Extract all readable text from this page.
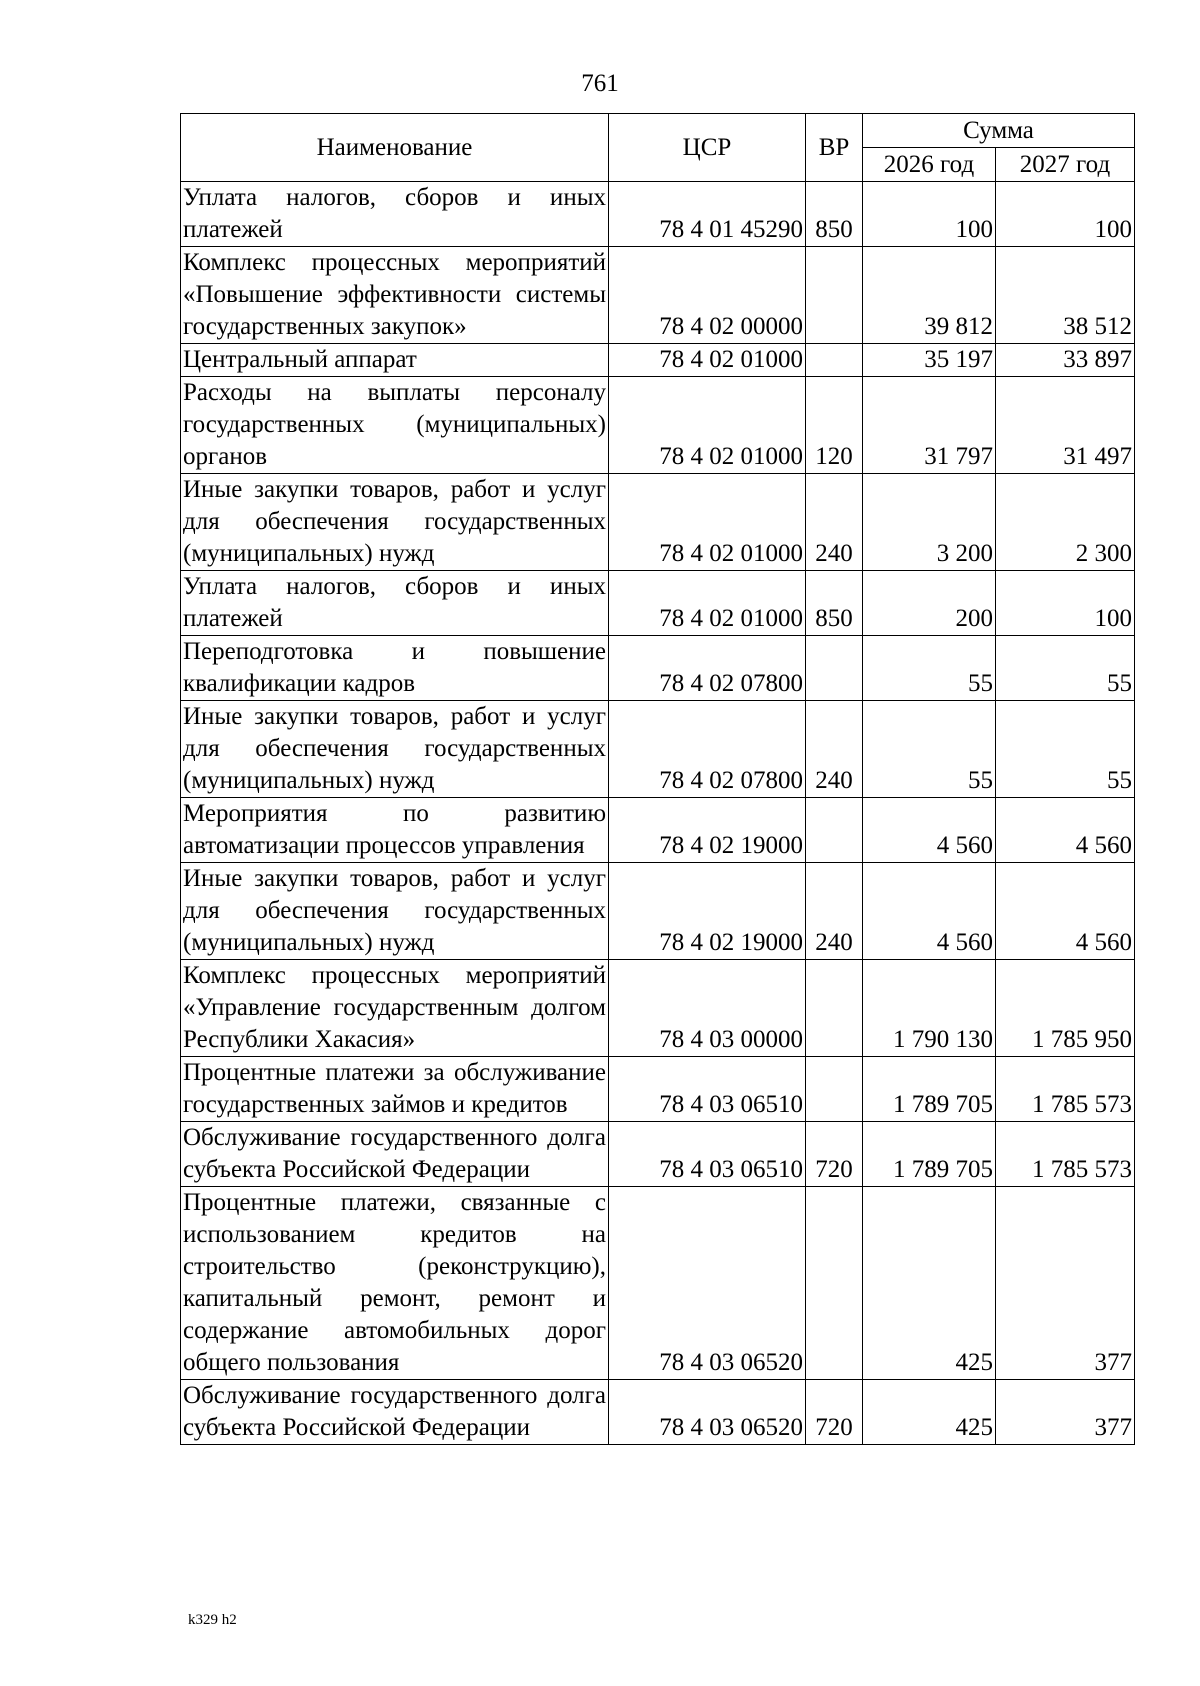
761
Наименование	ЦСР	ВР	Сумма	
			2026 год	2027 год
Уплата налогов, сборов и иных платежей	78 4 01 45290	850	100	100
Комплекс процессных мероприятий «Повышение эффективности системы государственных закупок»	78 4 02 00000		39 812	38 512
Центральный аппарат	78 4 02 01000		35 197	33 897
Расходы на выплаты персоналу государственных (муниципальных) органов	78 4 02 01000	120	31 797	31 497
Иные закупки товаров, работ и услуг для обеспечения государственных (муниципальных) нужд	78 4 02 01000	240	3 200	2 300
Уплата налогов, сборов и иных платежей	78 4 02 01000	850	200	100
Переподготовка и повышение квалификации кадров	78 4 02 07800		55	55
Иные закупки товаров, работ и услуг для обеспечения государственных (муниципальных) нужд	78 4 02 07800	240	55	55
Мероприятия по развитию автоматизации процессов управления	78 4 02 19000		4 560	4 560
Иные закупки товаров, работ и услуг для обеспечения государственных (муниципальных) нужд	78 4 02 19000	240	4 560	4 560
Комплекс процессных мероприятий «Управление государственным долгом Республики Хакасия»	78 4 03 00000		1 790 130	1 785 950
Процентные платежи за обслуживание государственных займов и кредитов	78 4 03 06510		1 789 705	1 785 573
Обслуживание государственного долга субъекта Российской Федерации	78 4 03 06510	720	1 789 705	1 785 573
Процентные платежи, связанные с использованием кредитов на строительство (реконструкцию), капитальный ремонт, ремонт и содержание автомобильных дорог общего пользования	78 4 03 06520		425	377
Обслуживание государственного долга субъекта Российской Федерации	78 4 03 06520	720	425	377
k329 h2
